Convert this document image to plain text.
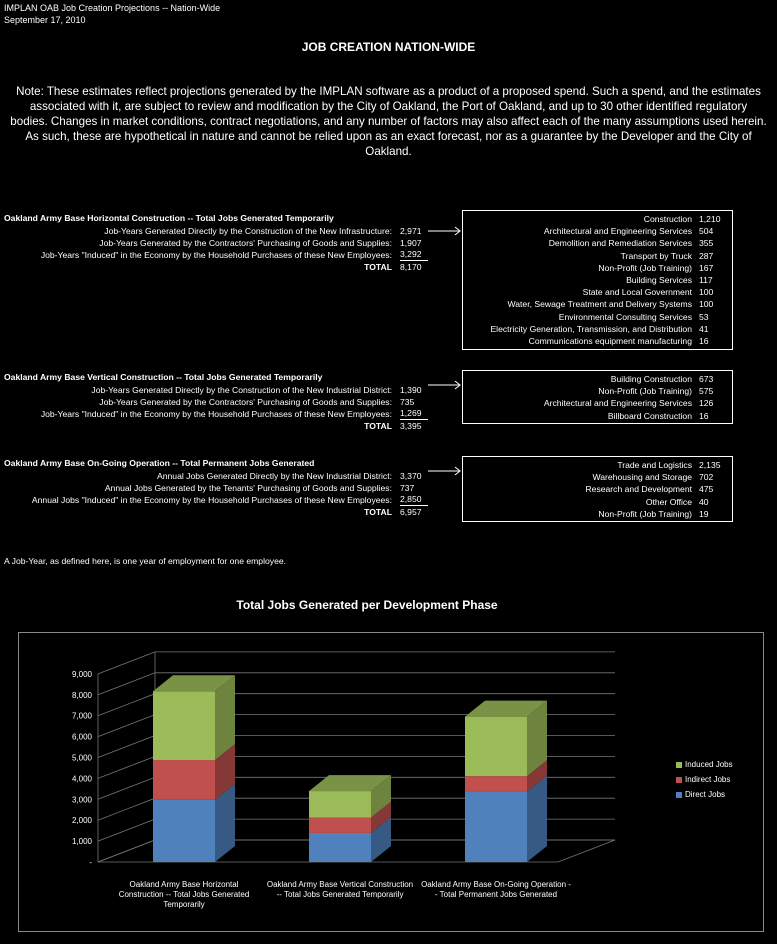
IMPLAN OAB Job Creation Projections -- Nation-Wide
September 17, 2010
JOB CREATION NATION-WIDE
Note: These estimates reflect projections generated by the IMPLAN software as a product of a proposed spend. Such a spend, and the estimates
associated with it, are subject to review and modification by the City of Oakland, the Port of Oakland, and up to 30 other identified regulatory
bodies. Changes in market conditions, contract negotiations, and any number of factors may also affect each of the many assumptions used herein.
As such, these are hypothetical in nature and cannot be relied upon as an exact forecast, nor as a guarantee by the Developer and the City of
Oakland.
Oakland Army Base Horizontal Construction -- Total Jobs Generated Temporarily
Job-Years Generated Directly by the Construction of the New Infrastructure: 2,971
Job-Years Generated by the Contractors' Purchasing of Goods and Supplies: 1,907
Job-Years "Induced" in the Economy by the Household Purchases of these New Employees: 3,292
TOTAL 8,170
Construction 1,210
Architectural and Engineering Services 504
Demolition and Remediation Services 355
Transport by Truck 287
Non-Profit (Job Training) 167
Building Services 117
State and Local Government 100
Water, Sewage Treatment and Delivery Systems 100
Environmental Consulting Services 53
Electricity Generation, Transmission, and Distribution 41
Communications equipment manufacturing 16
Oakland Army Base Vertical Construction -- Total Jobs Generated Temporarily
Job-Years Generated Directly by the Construction of the New Industrial District: 1,390
Job-Years Generated by the Contractors' Purchasing of Goods and Supplies: 735
Job-Years "Induced" in the Economy by the Household Purchases of these New Employees: 1,269
TOTAL 3,395
Building Construction 673
Non-Profit (Job Training) 575
Architectural and Engineering Services 126
Billboard Construction 16
Oakland Army Base On-Going Operation -- Total Permanent Jobs Generated
Annual Jobs Generated Directly by the New Industrial District: 3,370
Annual Jobs Generated by the Tenants' Purchasing of Goods and Supplies: 737
Annual Jobs "Induced" in the Economy by the Household Purchases of these New Employees: 2,850
TOTAL 6,957
Trade and Logistics 2,135
Warehousing and Storage 702
Research and Development 475
Other Office 40
Non-Profit (Job Training) 19
A Job-Year, as defined here, is one year of employment for one employee.
Total Jobs Generated per Development Phase
-
1,000
2,000
3,000
4,000
5,000
6,000
7,000
8,000
9,000
Oakland Army Base Horizontal Construction -- Total Jobs Generated Temporarily
Oakland Army Base Vertical Construction -- Total Jobs Generated Temporarily
Oakland Army Base On-Going Operation -- Total Permanent Jobs Generated
Induced Jobs
Indirect Jobs
Direct Jobs
